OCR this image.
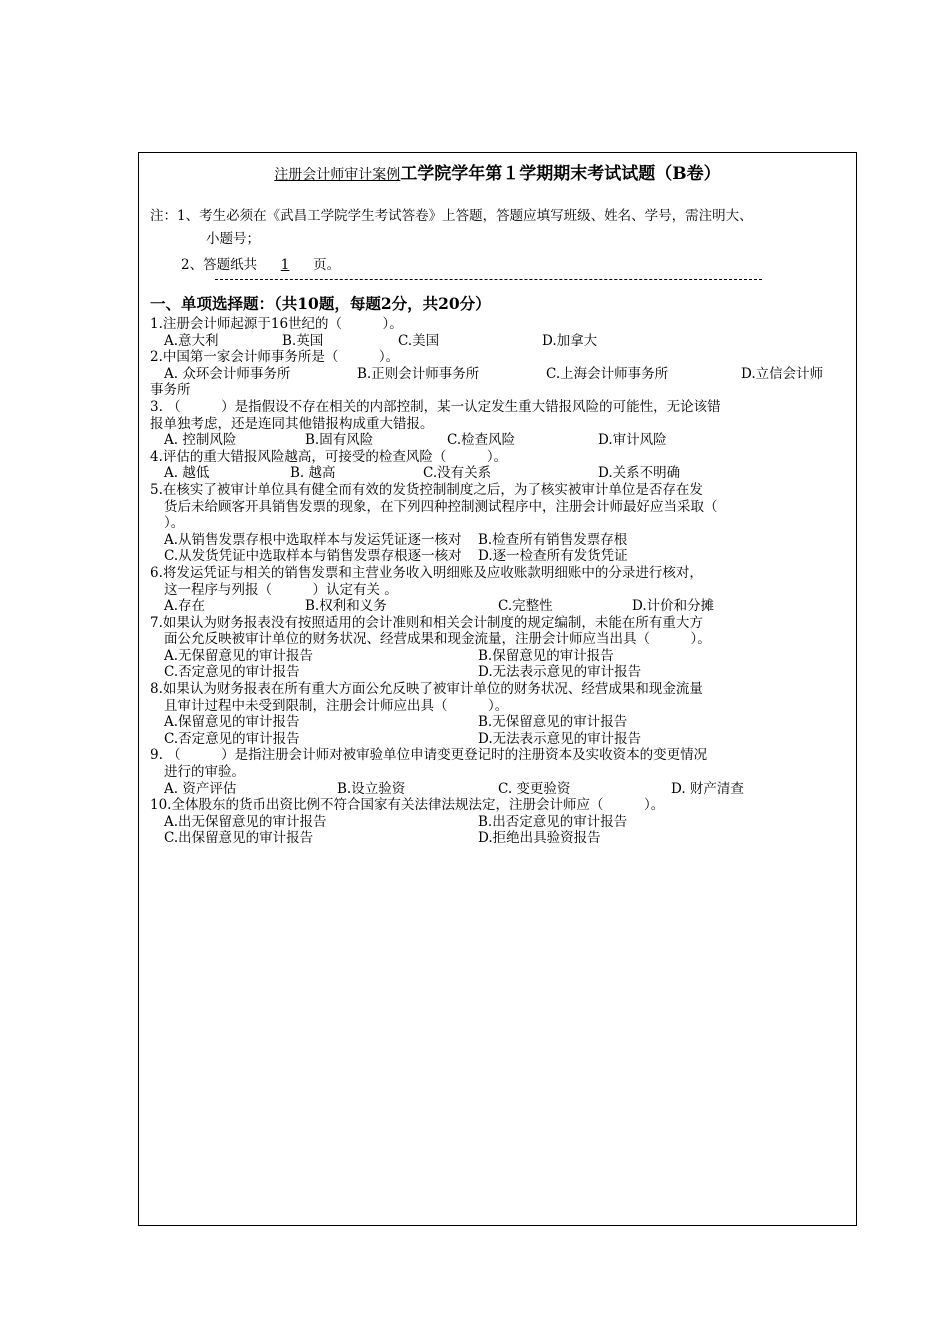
注册会计师审计案例工学院学年第１学期期末考试试题（B卷）
注：1、考生必须在《武昌工学院学生考试答卷》上答题，答题应填写班级、姓名、学号，需注明大、
小题号；
2、答题纸共 1 页。
一、单项选择题：（共10题，每题2分，共20分）
1.注册会计师起源于16世纪的（　　　）。
A.意大利	B.英国	C.美国	D.加拿大
2.中国第一家会计师事务所是（　　　）。
A. 众环会计师事务所	B.正则会计师事务所	C.上海会计师事务所	D.立信会计师
事务所
3. （　　　）是指假设不存在相关的内部控制，某一认定发生重大错报风险的可能性，无论该错
报单独考虑，还是连同其他错报构成重大错报。
A. 控制风险	B.固有风险	C.检查风险	D.审计风险
4.评估的重大错报风险越高，可接受的检查风险（　　　）。
A. 越低	B. 越高	C.没有关系	D.关系不明确
5.在核实了被审计单位具有健全而有效的发货控制制度之后，为了核实被审计单位是否存在发
货后未给顾客开具销售发票的现象，在下列四种控制测试程序中，注册会计师最好应当采取（
）。
A.从销售发票存根中选取样本与发运凭证逐一核对 B.检查所有销售发票存根
C.从发货凭证中选取样本与销售发票存根逐一核对 D.逐一检查所有发货凭证
6.将发运凭证与相关的销售发票和主营业务收入明细账及应收账款明细账中的分录进行核对，
这一程序与列报（　　　）认定有关 。
A.存在	B.权利和义务	C.完整性	D.计价和分摊
7.如果认为财务报表没有按照适用的会计准则和相关会计制度的规定编制，未能在所有重大方
面公允反映被审计单位的财务状况、经营成果和现金流量，注册会计师应当出具（　　　）。
A.无保留意见的审计报告	B.保留意见的审计报告
C.否定意见的审计报告	D.无法表示意见的审计报告
8.如果认为财务报表在所有重大方面公允反映了被审计单位的财务状况、经营成果和现金流量
且审计过程中未受到限制，注册会计师应出具（　　　）。
A.保留意见的审计报告	B.无保留意见的审计报告
C.否定意见的审计报告	D.无法表示意见的审计报告
9. （　　　）是指注册会计师对被审验单位申请变更登记时的注册资本及实收资本的变更情况
进行的审验。
A. 资产评估	B.设立验资	C. 变更验资	D. 财产清查
10.全体股东的货币出资比例不符合国家有关法律法规法定，注册会计师应（　　　）。
A.出无保留意见的审计报告	B.出否定意见的审计报告
C.出保留意见的审计报告	D.拒绝出具验资报告
